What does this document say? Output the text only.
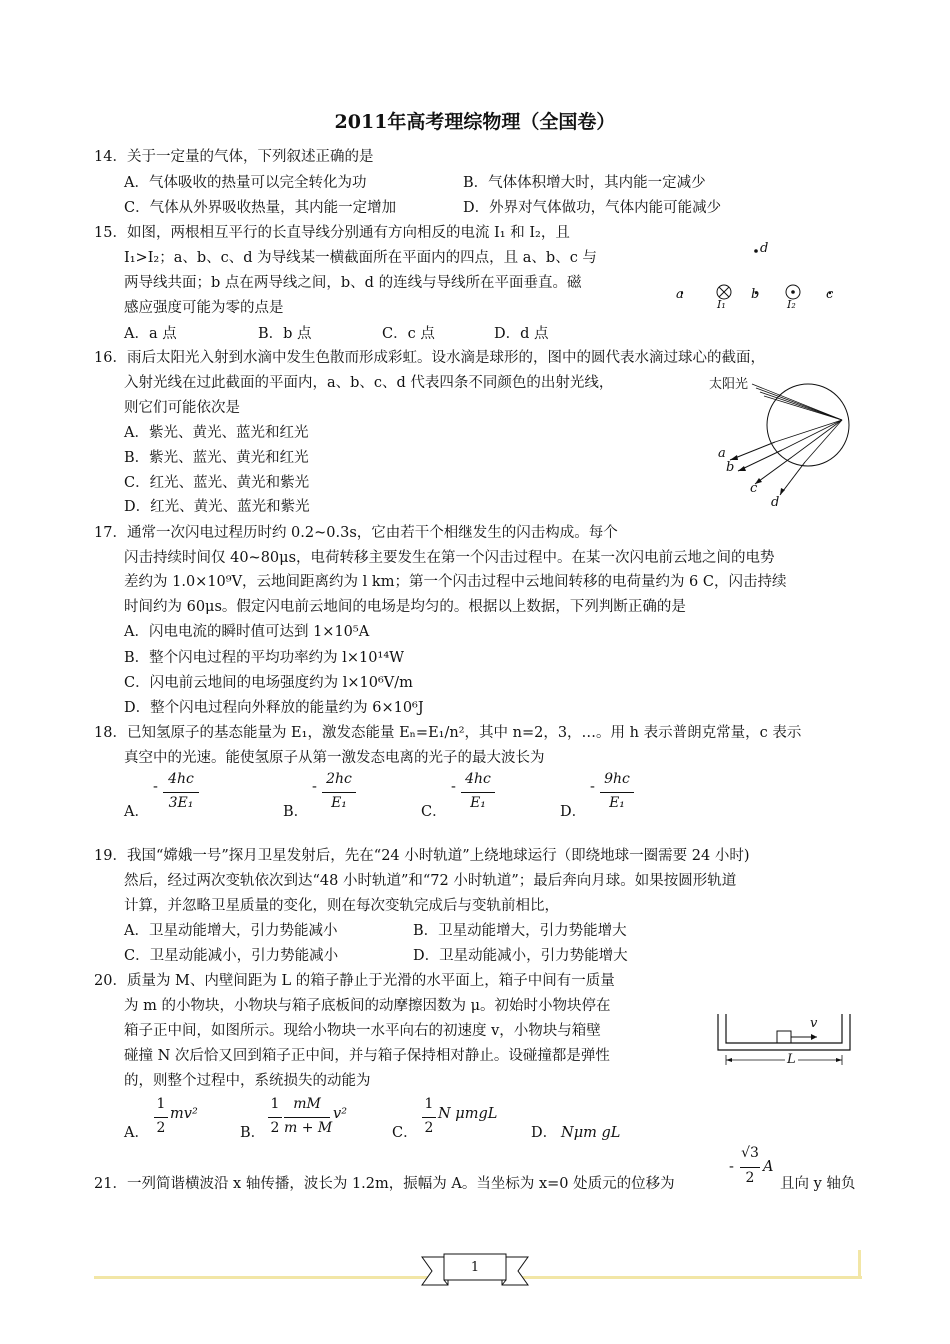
2011年高考理综物理（全国卷）
14．关于一定量的气体，下列叙述正确的是
A．气体吸收的热量可以完全转化为功	B．气体体积增大时，其内能一定减少
C．气体从外界吸收热量，其内能一定增加	D．外界对气体做功，气体内能可能减少
15．如图，两根相互平行的长直导线分别通有方向相反的电流 I₁ 和 I₂，且
I₁>I₂；a、b、c、d 为导线某一横截面所在平面内的四点，且 a、b、c 与
两导线共面；b 点在两导线之间，b、d 的连线与导线所在平面垂直。磁
感应强度可能为零的点是
A．a 点	B．b 点	C．c 点	D．d 点
d
a	b	c
I₁	I₂
16．雨后太阳光入射到水滴中发生色散而形成彩虹。设水滴是球形的，图中的圆代表水滴过球心的截面，
入射光线在过此截面的平面内，a、b、c、d 代表四条不同颜色的出射光线，
则它们可能依次是
A．紫光、黄光、蓝光和红光
B．紫光、蓝光、黄光和红光
C．红光、蓝光、黄光和紫光
D．红光、黄光、蓝光和紫光
太阳光
a
b
c
d
17．通常一次闪电过程历时约 0.2~0.3s，它由若干个相继发生的闪击构成。每个
闪击持续时间仅 40~80μs，电荷转移主要发生在第一个闪击过程中。在某一次闪电前云地之间的电势
差约为 1.0×10⁹V，云地间距离约为 l km；第一个闪击过程中云地间转移的电荷量约为 6 C，闪击持续
时间约为 60μs。假定闪电前云地间的电场是均匀的。根据以上数据，下列判断正确的是
A．闪电电流的瞬时值可达到 1×10⁵A
B．整个闪电过程的平均功率约为 l×10¹⁴W
C．闪电前云地间的电场强度约为 l×10⁶V/m
D．整个闪电过程向外释放的能量约为 6×10⁶J
18．已知氢原子的基态能量为 E₁，激发态能量 Eₙ=E₁/n²，其中 n=2，3，…。用 h 表示普朗克常量，c 表示
真空中的光速。能使氢原子从第一激发态电离的光子的最大波长为
A．
- 4hc
3E₁
B．
- 2hc
E₁
C．
- 4hc
E₁
D．
- 9hc
E₁
19．我国“嫦娥一号”探月卫星发射后，先在“24 小时轨道”上绕地球运行（即绕地球一圈需要 24 小时)
然后，经过两次变轨依次到达“48 小时轨道”和“72 小时轨道”；最后奔向月球。如果按圆形轨道
计算，并忽略卫星质量的变化，则在每次变轨完成后与变轨前相比，
A．卫星动能增大，引力势能减小	B．卫星动能增大，引力势能增大
C．卫星动能减小，引力势能减小	D．卫星动能减小，引力势能增大
20．质量为 M、内壁间距为 L 的箱子静止于光滑的水平面上，箱子中间有一质量
为 m 的小物块，小物块与箱子底板间的动摩擦因数为 μ。初始时小物块停在
箱子正中间，如图所示。现给小物块一水平向右的初速度 v，小物块与箱壁
碰撞 N 次后恰又回到箱子正中间，并与箱子保持相对静止。设碰撞都是弹性
的，则整个过程中，系统损失的动能为
v
L
A．
1
2
mv²
B．
1
2
mM
m + M
v²
C．
1
2
N μmgL
D． Nμm gL
21．一列简谐横波沿 x 轴传播，波长为 1.2m，振幅为 A。当坐标为 x=0 处质元的位移为
-
√3
2
A
且向 y 轴负
1
